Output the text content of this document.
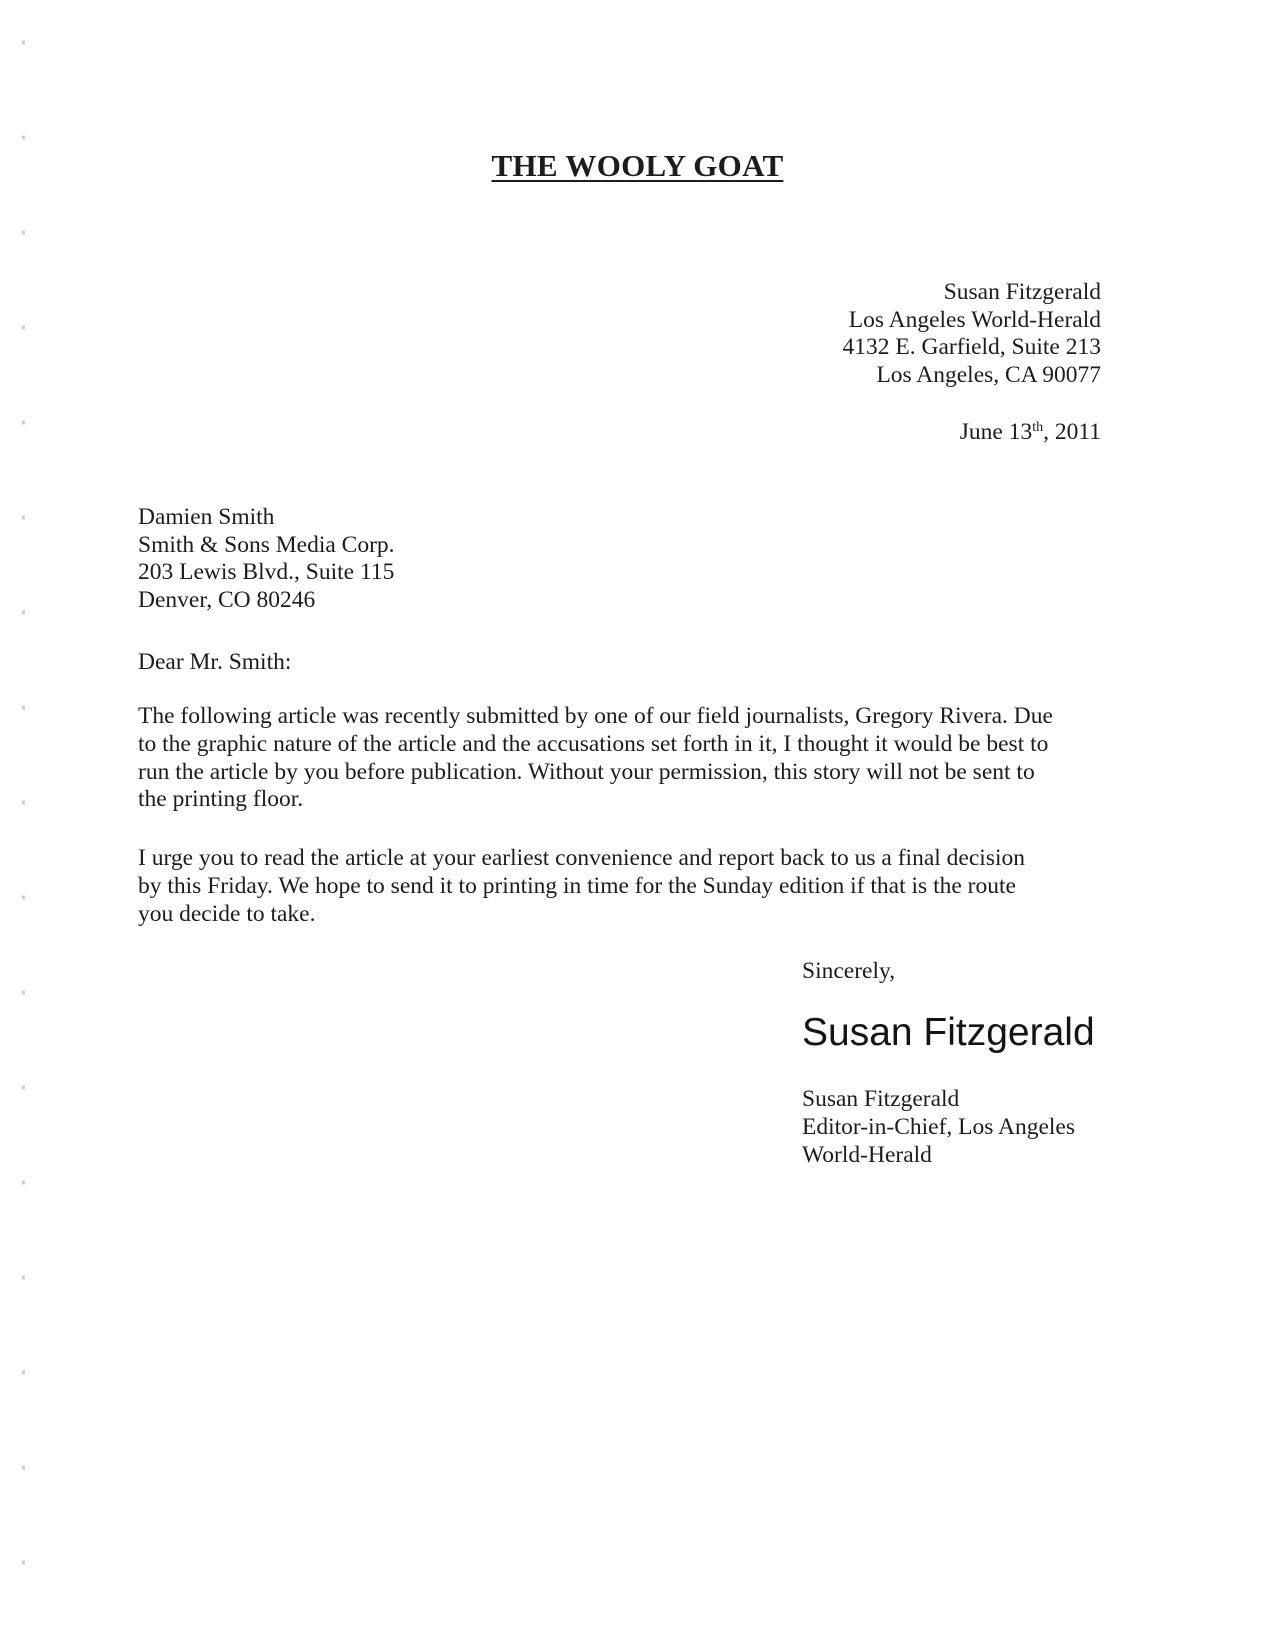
THE WOOLY GOAT
Susan Fitzgerald
Los Angeles World-Herald
4132 E. Garfield, Suite 213
Los Angeles, CA 90077
June 13th, 2011
Damien Smith
Smith & Sons Media Corp.
203 Lewis Blvd., Suite 115
Denver, CO 80246
Dear Mr. Smith:
The following article was recently submitted by one of our field journalists, Gregory Rivera. Due
to the graphic nature of the article and the accusations set forth in it, I thought it would be best to
run the article by you before publication. Without your permission, this story will not be sent to
the printing floor.
I urge you to read the article at your earliest convenience and report back to us a final decision
by this Friday. We hope to send it to printing in time for the Sunday edition if that is the route
you decide to take.
Sincerely,
Susan Fitzgerald
Susan Fitzgerald
Editor-in-Chief, Los Angeles
World-Herald
